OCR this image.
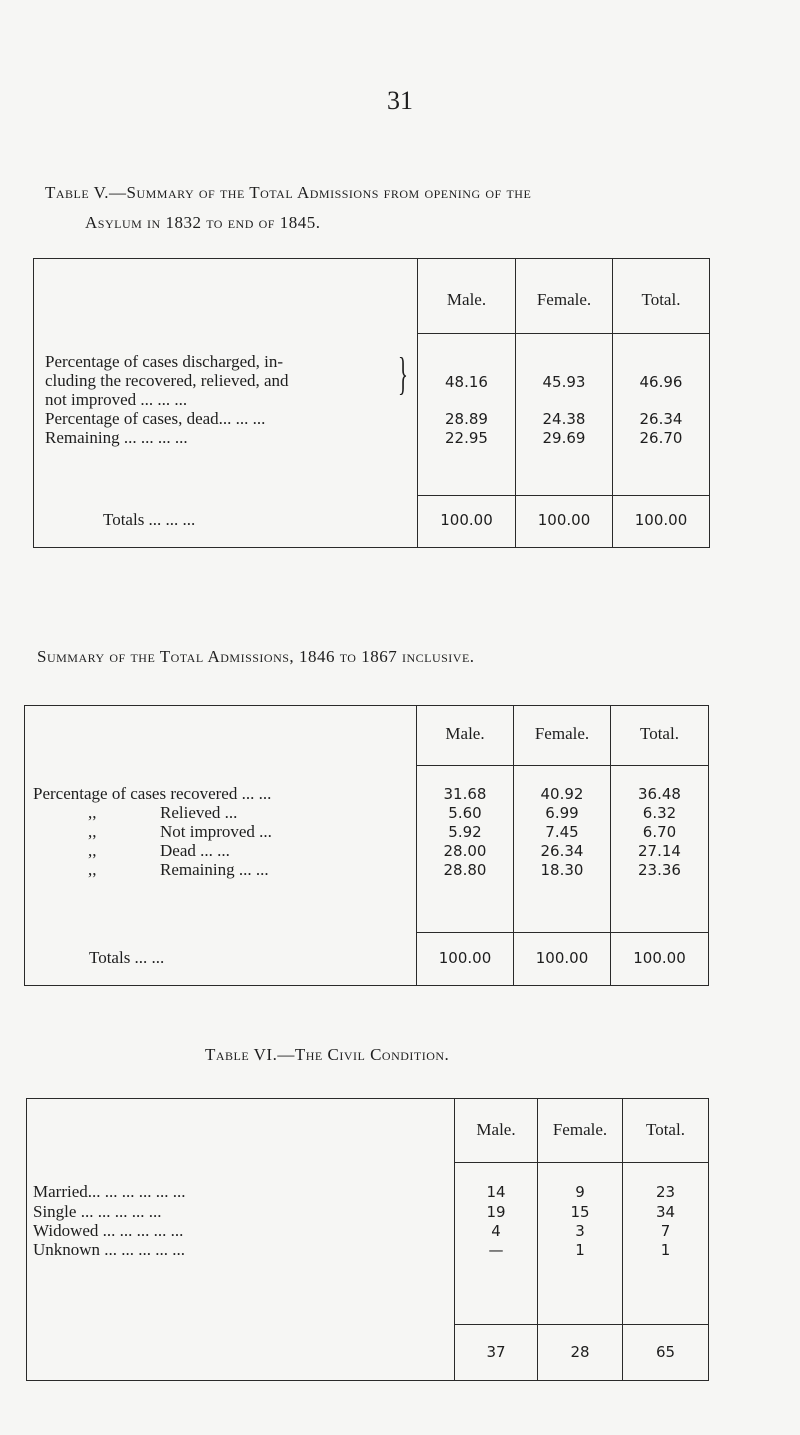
31
Table V.—Summary of the Total Admissions from opening of the
Asylum in 1832 to end of 1845.
Male.	Female.	Total.
Percentage of cases discharged, in-
cluding the recovered, relieved, and
not improved ... ... ...
}	48.16	45.93	46.96
Percentage of cases, dead... ... ...	28.89	24.38	26.34
Remaining ... ... ... ...	22.95	29.69	26.70
Totals ... ... ...	100.00	100.00	100.00
Summary of the Total Admissions, 1846 to 1867 inclusive.
Male.	Female.	Total.
Percentage of cases recovered ... ...	31.68	40.92	36.48
,,	Relieved ...	5.60	6.99	6.32
,,	Not improved ...	5.92	7.45	6.70
,,	Dead ... ...	28.00	26.34	27.14
,,	Remaining ... ...	28.80	18.30	23.36
Totals ... ...	100.00	100.00	100.00
Table VI.—The Civil Condition.
Male.	Female.	Total.
Married... ... ... ... ... ...	14	9	23
Single ... ... ... ... ...	19	15	34
Widowed ... ... ... ... ...	4	3	7
Unknown ... ... ... ... ...	—	1	1
37	28	65
